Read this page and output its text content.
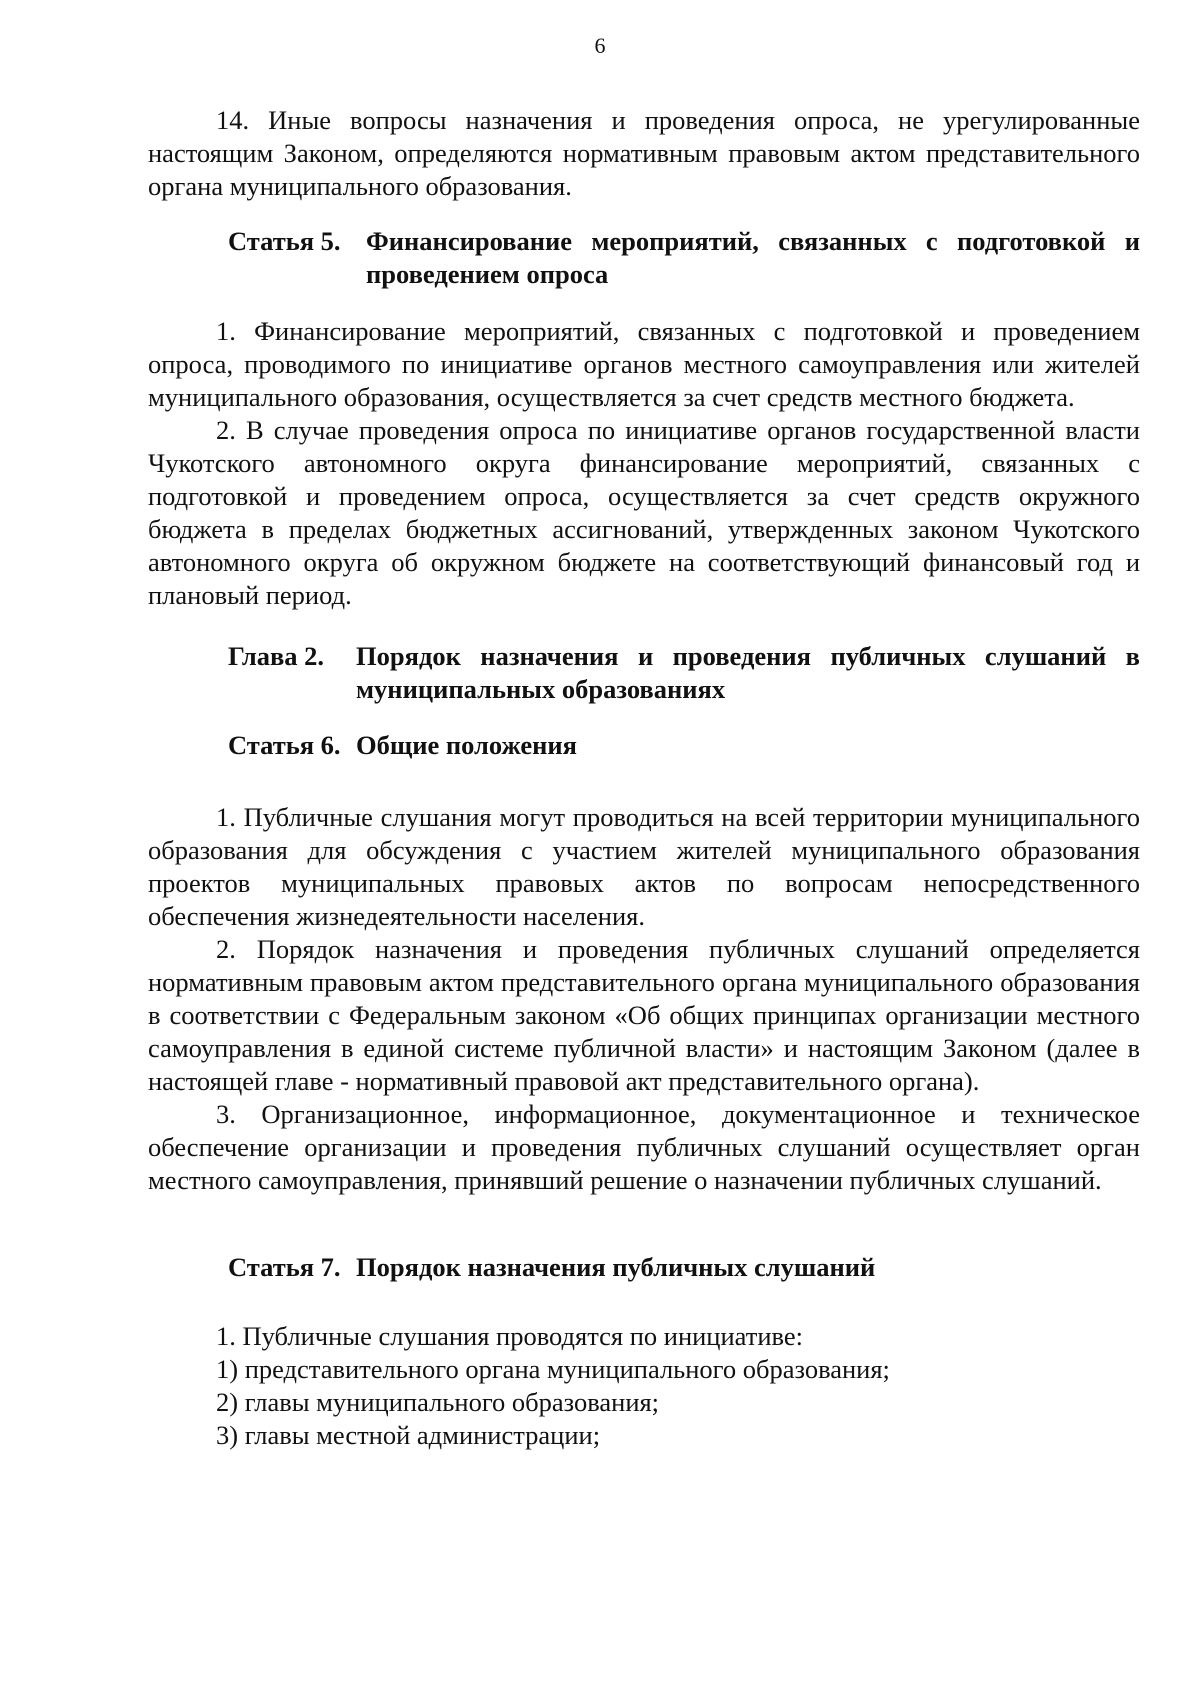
6

14. Иные вопросы назначения и проведения опроса, не урегулированные настоящим Законом, определяются нормативным правовым актом представительного органа муниципального образования.

Статья 5. Финансирование мероприятий, связанных с подготовкой и проведением опроса

1. Финансирование мероприятий, связанных с подготовкой и проведением опроса, проводимого по инициативе органов местного самоуправления или жителей муниципального образования, осуществляется за счет средств местного бюджета.

2. В случае проведения опроса по инициативе органов государственной власти Чукотского автономного округа финансирование мероприятий, связанных с подготовкой и проведением опроса, осуществляется за счет средств окружного бюджета в пределах бюджетных ассигнований, утвержденных законом Чукотского автономного округа об окружном бюджете на соответствующий финансовый год и плановый период.

Глава 2.	Порядок назначения и проведения публичных слушаний в муниципальных образованиях
Статья 6. Общие положения

1. Публичные слушания могут проводиться на всей территории муниципального образования для обсуждения с участием жителей муниципального образования проектов муниципальных правовых актов по вопросам непосредственного обеспечения жизнедеятельности населения.

2. Порядок назначения и проведения публичных слушаний определяется нормативным правовым актом представительного органа муниципального образования в соответствии с Федеральным законом «Об общих принципах организации местного самоуправления в единой системе публичной власти» и настоящим Законом (далее в настоящей главе - нормативный правовой акт представительного органа).

3. Организационное, информационное, документационное и техническое обеспечение организации и проведения публичных слушаний осуществляет орган местного самоуправления, принявший решение о назначении публичных слушаний.

Статья 7. Порядок назначения публичных слушаний

1. Публичные слушания проводятся по инициативе:

1) представительного органа муниципального образования;

2) главы муниципального образования;

3) главы местной администрации;
